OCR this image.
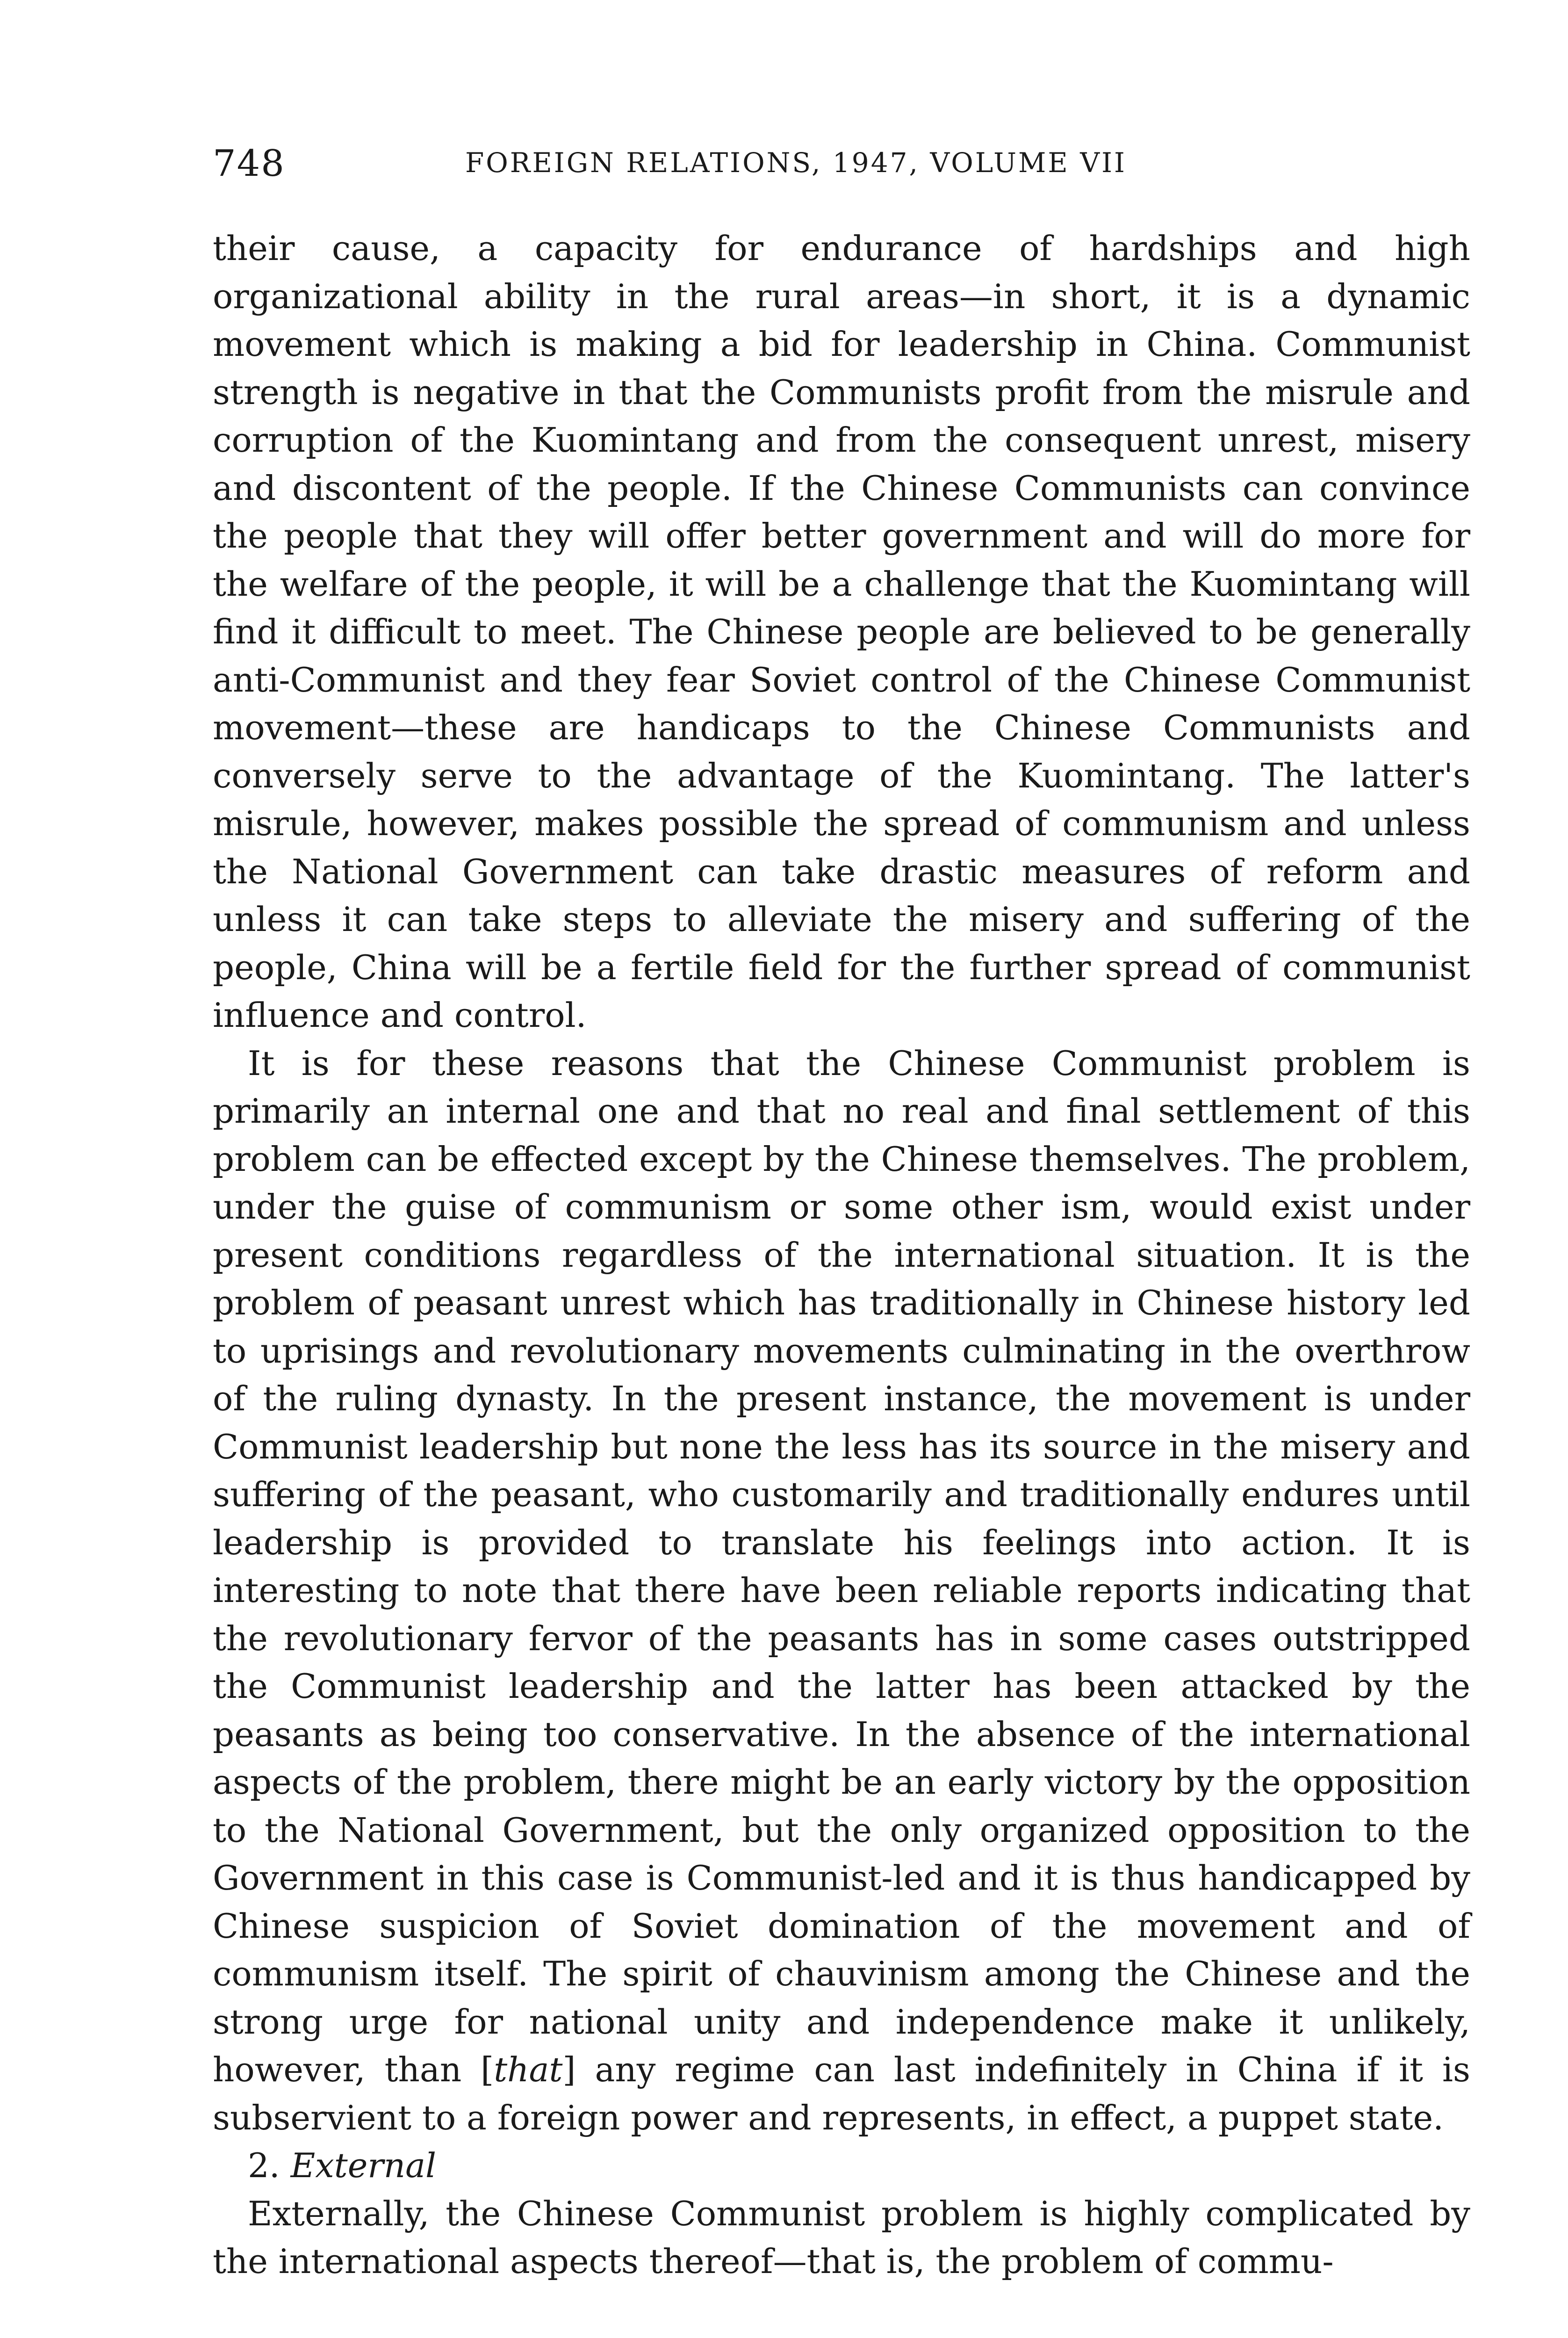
748	FOREIGN RELATIONS, 1947, VOLUME VII

their cause, a capacity for endurance of hardships and high organizational ability in the rural areas—in short, it is a dynamic movement which is making a bid for leadership in China. Communist strength is negative in that the Communists profit from the misrule and corruption of the Kuomintang and from the consequent unrest, misery and discontent of the people. If the Chinese Communists can convince the people that they will offer better government and will do more for the welfare of the people, it will be a challenge that the Kuomintang will find it difficult to meet. The Chinese people are believed to be generally anti-Communist and they fear Soviet control of the Chinese Communist movement—these are handicaps to the Chinese Communists and conversely serve to the advantage of the Kuomintang. The latter's misrule, however, makes possible the spread of communism and unless the National Government can take drastic measures of reform and unless it can take steps to alleviate the misery and suffering of the people, China will be a fertile field for the further spread of communist influence and control.

It is for these reasons that the Chinese Communist problem is primarily an internal one and that no real and final settlement of this problem can be effected except by the Chinese themselves. The problem, under the guise of communism or some other ism, would exist under present conditions regardless of the international situation. It is the problem of peasant unrest which has traditionally in Chinese history led to uprisings and revolutionary movements culminating in the overthrow of the ruling dynasty. In the present instance, the movement is under Communist leadership but none the less has its source in the misery and suffering of the peasant, who customarily and traditionally endures until leadership is provided to translate his feelings into action. It is interesting to note that there have been reliable reports indicating that the revolutionary fervor of the peasants has in some cases outstripped the Communist leadership and the latter has been attacked by the peasants as being too conservative. In the absence of the international aspects of the problem, there might be an early victory by the opposition to the National Government, but the only organized opposition to the Government in this case is Communist-led and it is thus handicapped by Chinese suspicion of Soviet domination of the movement and of communism itself. The spirit of chauvinism among the Chinese and the strong urge for national unity and independence make it unlikely, however, than [that] any regime can last indefinitely in China if it is subservient to a foreign power and represents, in effect, a puppet state.

2. External

Externally, the Chinese Communist problem is highly complicated by the international aspects thereof—that is, the problem of commu-
